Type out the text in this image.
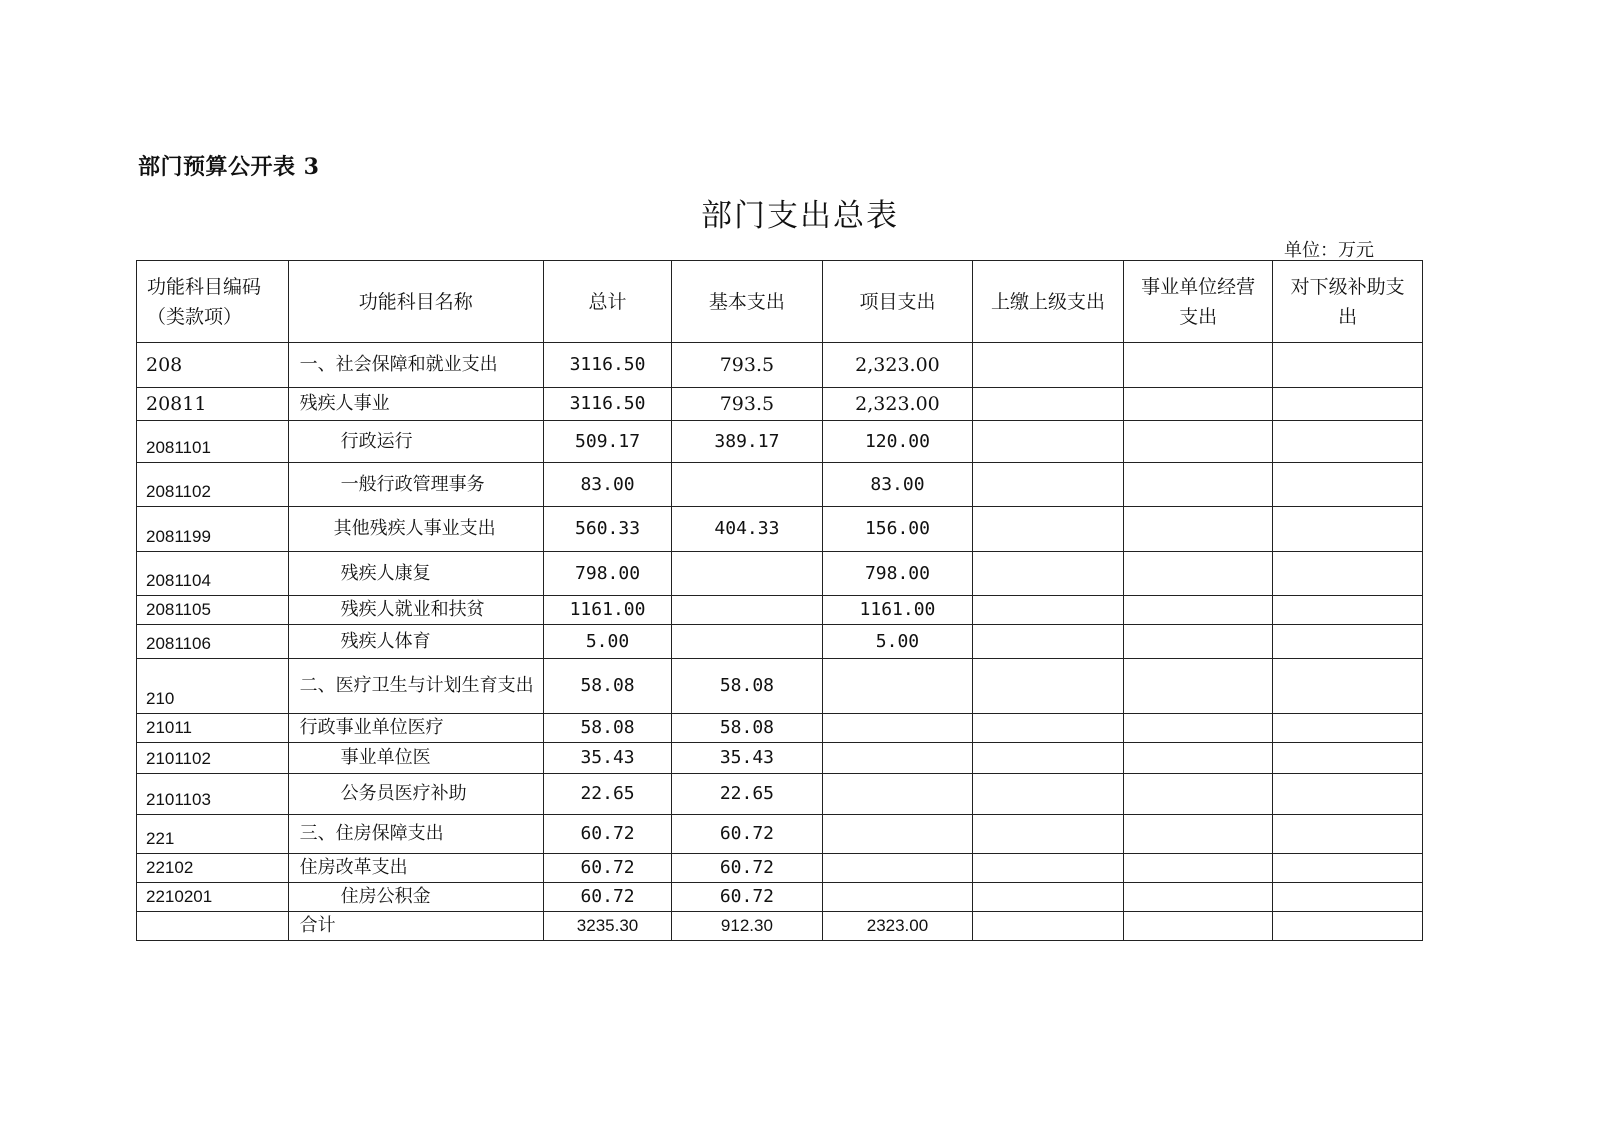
部门预算公开表 3
部门支出总表
单位：万元
功能科目编码（类款项）	功能科目名称	总计	基本支出	项目支出	上缴上级支出	事业单位经营支出	对下级补助支出
208	一、社会保障和就业支出	3116.50	793.5	2,323.00			
20811	残疾人事业	3116.50	793.5	2,323.00			
2081101	行政运行	509.17	389.17	120.00			
2081102	一般行政管理事务	83.00		83.00			
2081199	其他残疾人事业支出	560.33	404.33	156.00			
2081104	残疾人康复	798.00		798.00			
2081105	残疾人就业和扶贫	1161.00		1161.00			
2081106	残疾人体育	5.00		5.00			
210	二、医疗卫生与计划生育支出	58.08	58.08				
21011	行政事业单位医疗	58.08	58.08				
2101102	事业单位医	35.43	35.43				
2101103	公务员医疗补助	22.65	22.65				
221	三、住房保障支出	60.72	60.72				
22102	住房改革支出	60.72	60.72				
2210201	住房公积金	60.72	60.72				
	合计	3235.30	912.30	2323.00			
